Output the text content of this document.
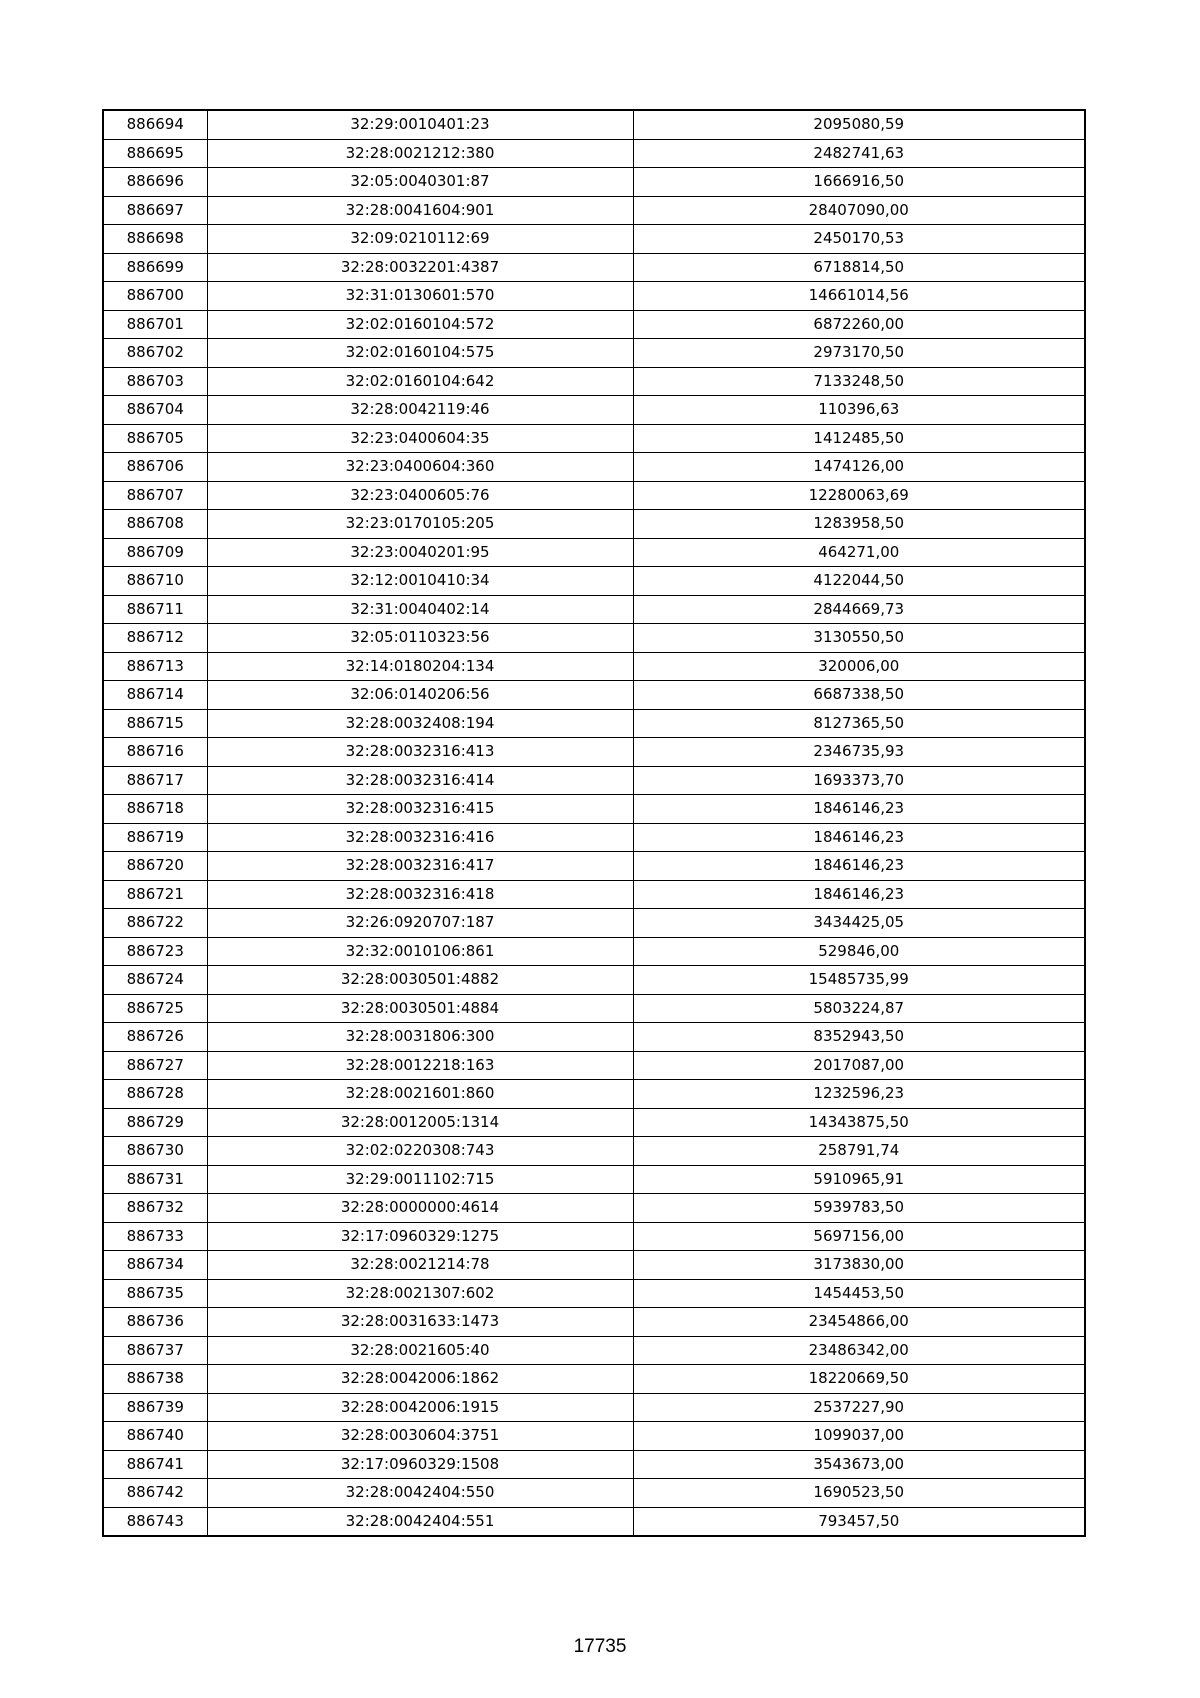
886694	32:29:0010401:23	2095080,59
886695	32:28:0021212:380	2482741,63
886696	32:05:0040301:87	1666916,50
886697	32:28:0041604:901	28407090,00
886698	32:09:0210112:69	2450170,53
886699	32:28:0032201:4387	6718814,50
886700	32:31:0130601:570	14661014,56
886701	32:02:0160104:572	6872260,00
886702	32:02:0160104:575	2973170,50
886703	32:02:0160104:642	7133248,50
886704	32:28:0042119:46	110396,63
886705	32:23:0400604:35	1412485,50
886706	32:23:0400604:360	1474126,00
886707	32:23:0400605:76	12280063,69
886708	32:23:0170105:205	1283958,50
886709	32:23:0040201:95	464271,00
886710	32:12:0010410:34	4122044,50
886711	32:31:0040402:14	2844669,73
886712	32:05:0110323:56	3130550,50
886713	32:14:0180204:134	320006,00
886714	32:06:0140206:56	6687338,50
886715	32:28:0032408:194	8127365,50
886716	32:28:0032316:413	2346735,93
886717	32:28:0032316:414	1693373,70
886718	32:28:0032316:415	1846146,23
886719	32:28:0032316:416	1846146,23
886720	32:28:0032316:417	1846146,23
886721	32:28:0032316:418	1846146,23
886722	32:26:0920707:187	3434425,05
886723	32:32:0010106:861	529846,00
886724	32:28:0030501:4882	15485735,99
886725	32:28:0030501:4884	5803224,87
886726	32:28:0031806:300	8352943,50
886727	32:28:0012218:163	2017087,00
886728	32:28:0021601:860	1232596,23
886729	32:28:0012005:1314	14343875,50
886730	32:02:0220308:743	258791,74
886731	32:29:0011102:715	5910965,91
886732	32:28:0000000:4614	5939783,50
886733	32:17:0960329:1275	5697156,00
886734	32:28:0021214:78	3173830,00
886735	32:28:0021307:602	1454453,50
886736	32:28:0031633:1473	23454866,00
886737	32:28:0021605:40	23486342,00
886738	32:28:0042006:1862	18220669,50
886739	32:28:0042006:1915	2537227,90
886740	32:28:0030604:3751	1099037,00
886741	32:17:0960329:1508	3543673,00
886742	32:28:0042404:550	1690523,50
886743	32:28:0042404:551	793457,50
17735
